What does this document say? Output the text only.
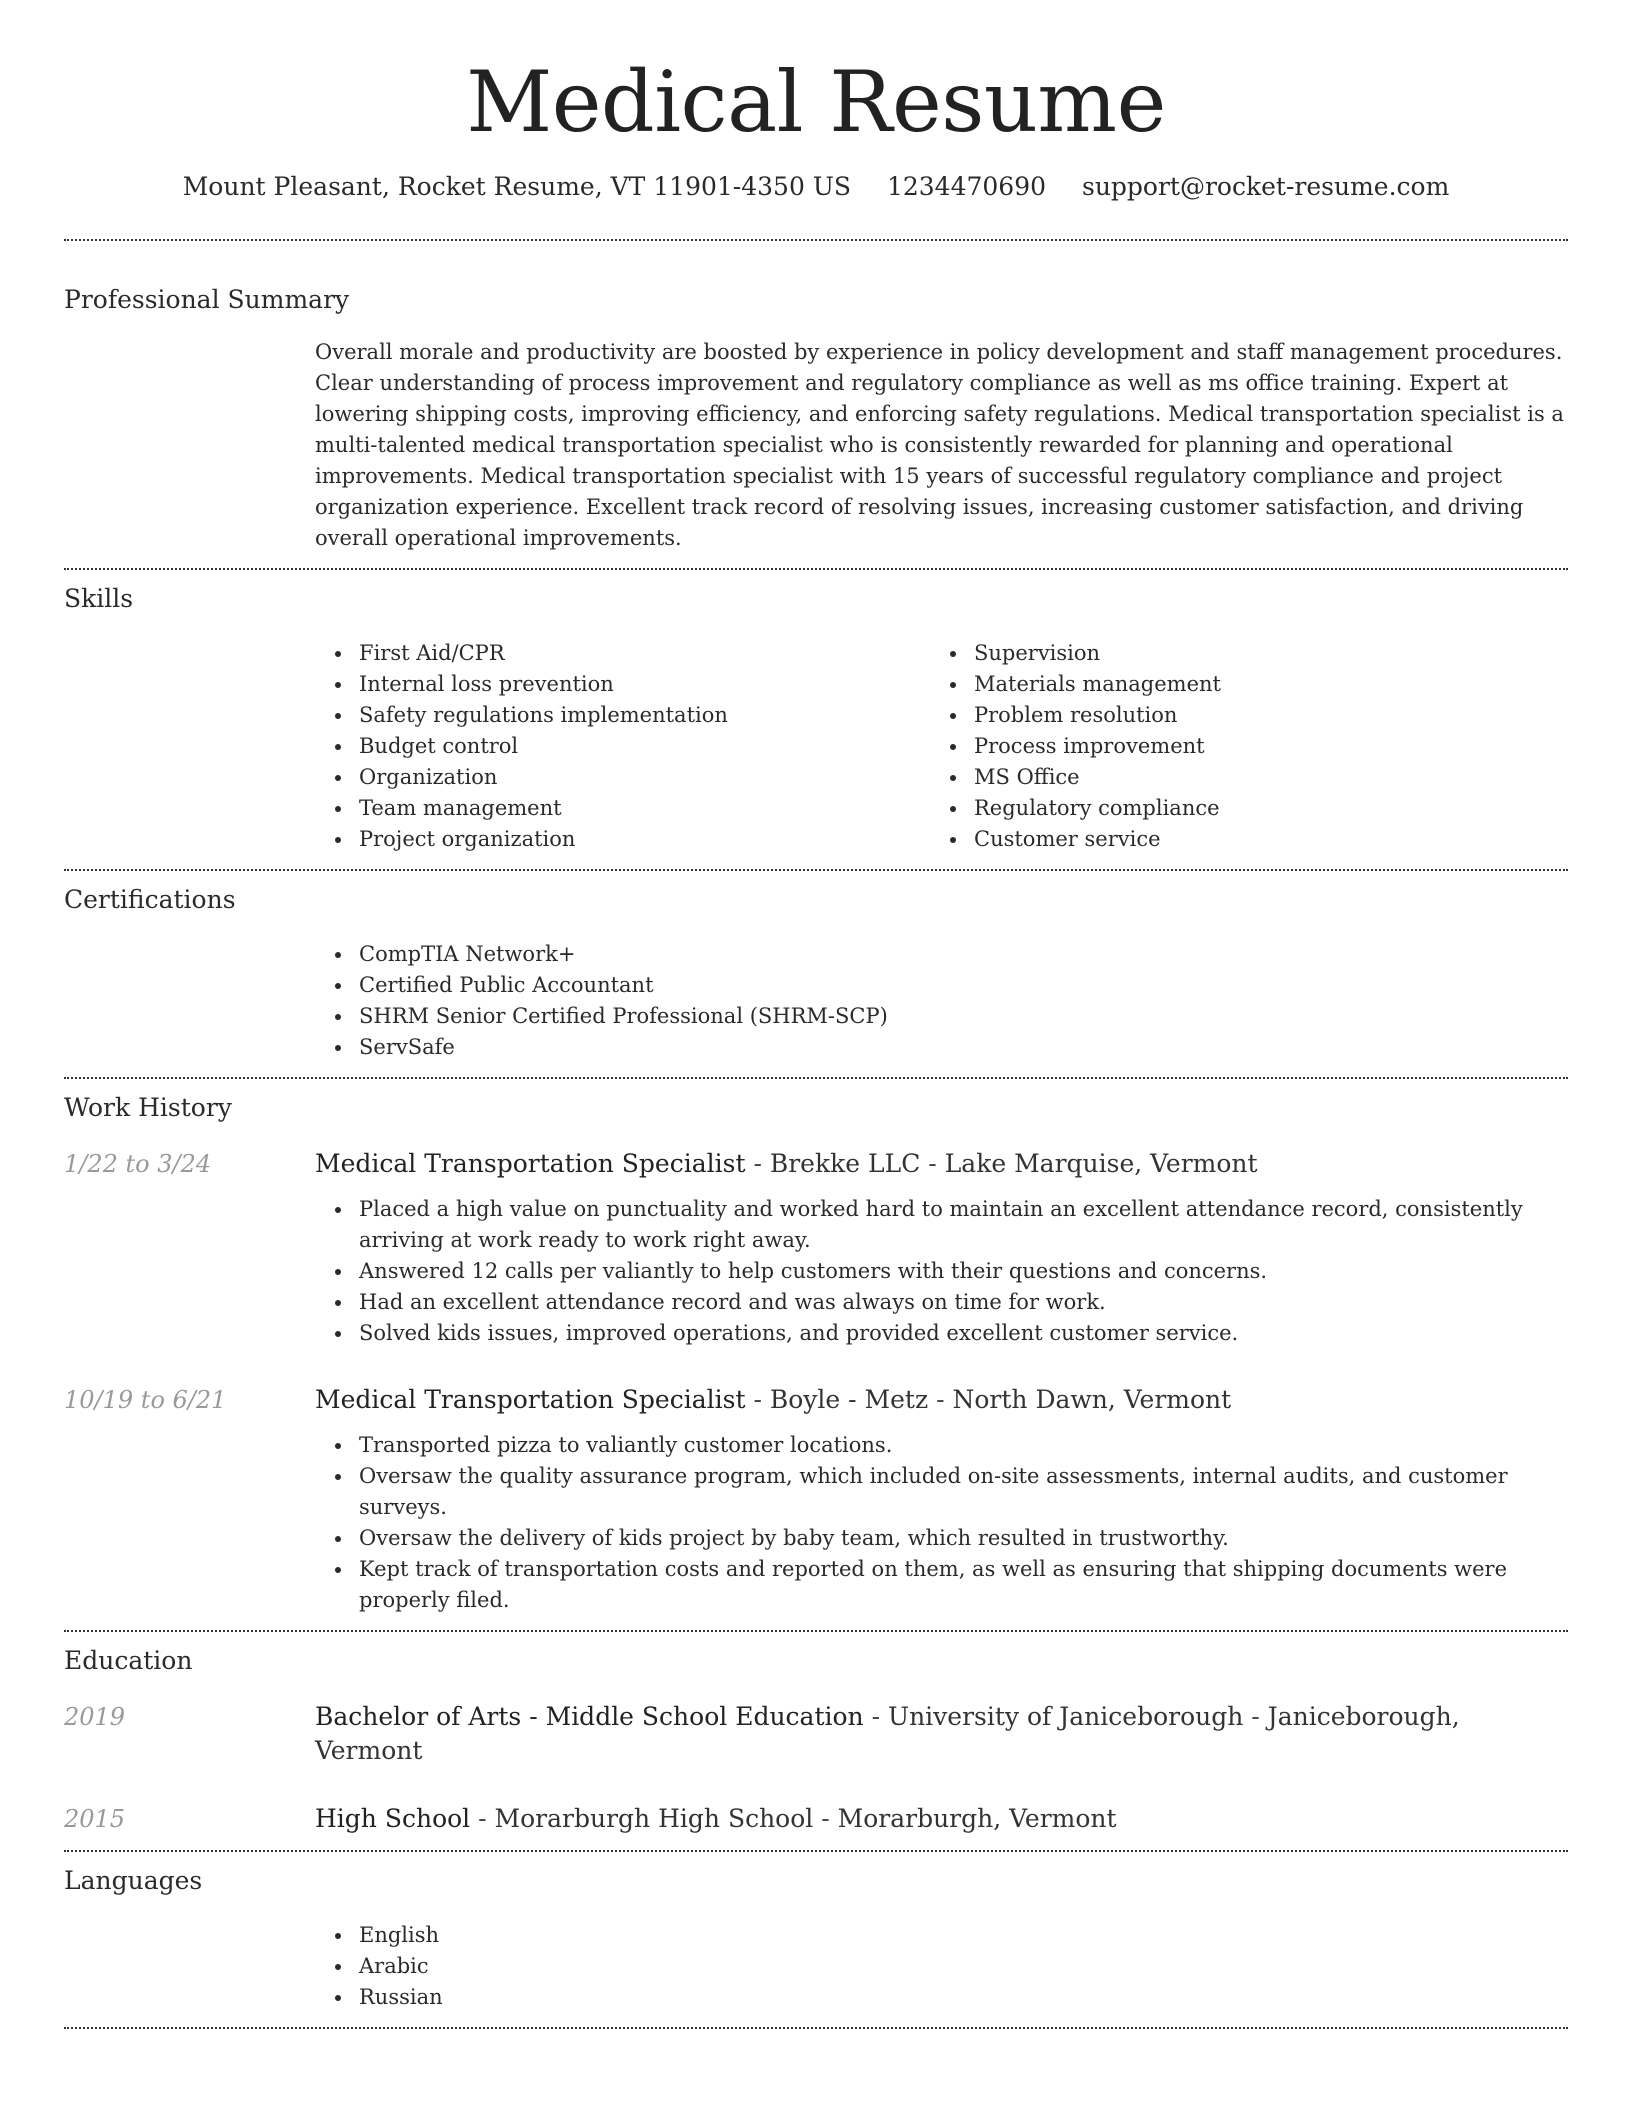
Medical Resume
Mount Pleasant, Rocket Resume, VT 11901-4350 US 1234470690 support@rocket-resume.com
Professional Summary
Overall morale and productivity are boosted by experience in policy development and staff management procedures. Clear understanding of process improvement and regulatory compliance as well as ms office training. Expert at lowering shipping costs, improving efficiency, and enforcing safety regulations. Medical transportation specialist is a multi-talented medical transportation specialist who is consistently rewarded for planning and operational improvements. Medical transportation specialist with 15 years of successful regulatory compliance and project organization experience. Excellent track record of resolving issues, increasing customer satisfaction, and driving overall operational improvements.
Skills
First Aid/CPR
Internal loss prevention
Safety regulations implementation
Budget control
Organization
Team management
Project organization
Supervision
Materials management
Problem resolution
Process improvement
MS Office
Regulatory compliance
Customer service
Certifications
CompTIA Network+
Certified Public Accountant
SHRM Senior Certified Professional (SHRM-SCP)
ServSafe
Work History
1/22 to 3/24	Medical Transportation Specialist - Brekke LLC - Lake Marquise, Vermont
Placed a high value on punctuality and worked hard to maintain an excellent attendance record, consistently arriving at work ready to work right away.
Answered 12 calls per valiantly to help customers with their questions and concerns.
Had an excellent attendance record and was always on time for work.
Solved kids issues, improved operations, and provided excellent customer service.
10/19 to 6/21	Medical Transportation Specialist - Boyle - Metz - North Dawn, Vermont
Transported pizza to valiantly customer locations.
Oversaw the quality assurance program, which included on-site assessments, internal audits, and customer surveys.
Oversaw the delivery of kids project by baby team, which resulted in trustworthy.
Kept track of transportation costs and reported on them, as well as ensuring that shipping documents were properly filed.
Education
2019	Bachelor of Arts - Middle School Education - University of Janiceborough - Janiceborough, Vermont
2015	High School - Morarburgh High School - Morarburgh, Vermont
Languages
English
Arabic
Russian
